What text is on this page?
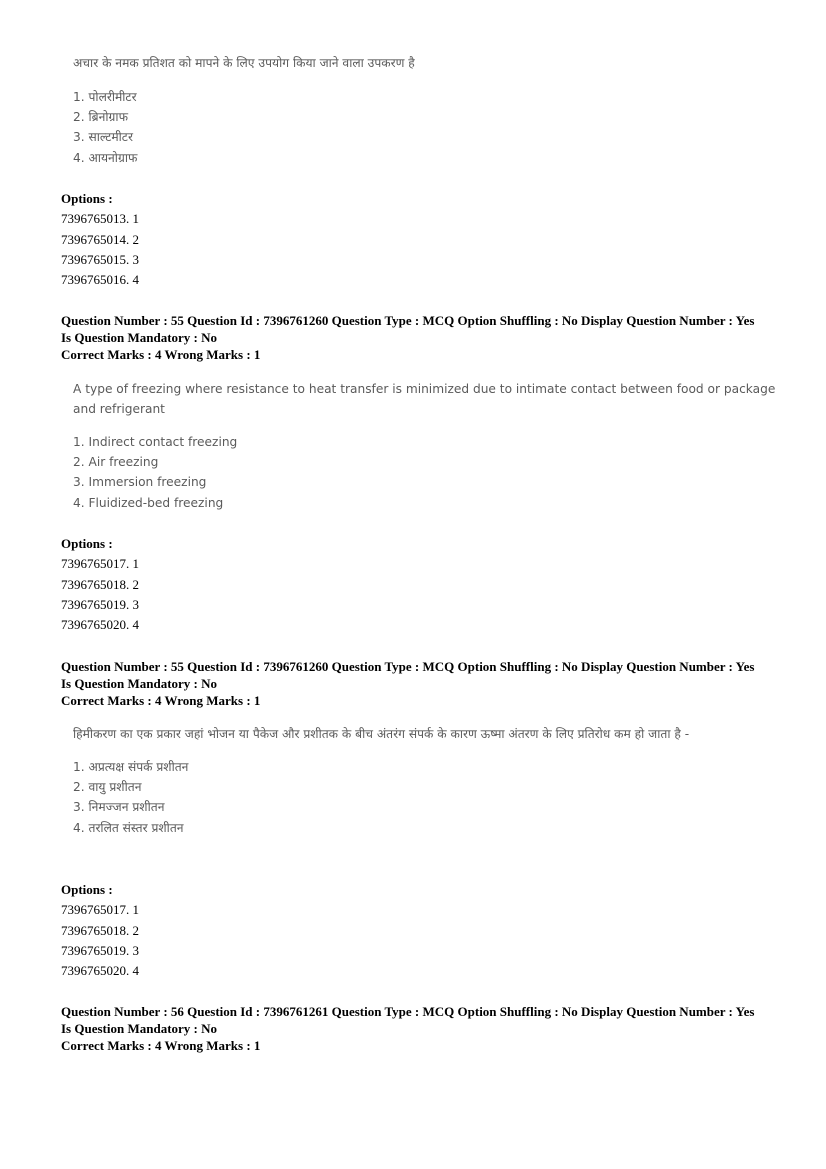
अचार के नमक प्रतिशत को मापने के लिए उपयोग किया जाने वाला उपकरण है
1. पोलरीमीटर
2. ब्रिनोग्राफ
3. साल्टमीटर
4. आयनोग्राफ
Options :
7396765013. 1
7396765014. 2
7396765015. 3
7396765016. 4
Question Number : 55 Question Id : 7396761260 Question Type : MCQ Option Shuffling : No Display Question Number : Yes
Is Question Mandatory : No
Correct Marks : 4 Wrong Marks : 1
A type of freezing where resistance to heat transfer is minimized due to intimate contact between food or package and refrigerant
1. Indirect contact freezing
2. Air freezing
3. Immersion freezing
4. Fluidized-bed freezing
Options :
7396765017. 1
7396765018. 2
7396765019. 3
7396765020. 4
Question Number : 55 Question Id : 7396761260 Question Type : MCQ Option Shuffling : No Display Question Number : Yes
Is Question Mandatory : No
Correct Marks : 4 Wrong Marks : 1
हिमीकरण का एक प्रकार जहां भोजन या पैकेज और प्रशीतक के बीच अंतरंग संपर्क के कारण ऊष्मा अंतरण के लिए प्रतिरोध कम हो जाता है -
1. अप्रत्यक्ष संपर्क प्रशीतन
2. वायु प्रशीतन
3. निमज्जन प्रशीतन
4. तरलित संस्तर प्रशीतन
Options :
7396765017. 1
7396765018. 2
7396765019. 3
7396765020. 4
Question Number : 56 Question Id : 7396761261 Question Type : MCQ Option Shuffling : No Display Question Number : Yes
Is Question Mandatory : No
Correct Marks : 4 Wrong Marks : 1
